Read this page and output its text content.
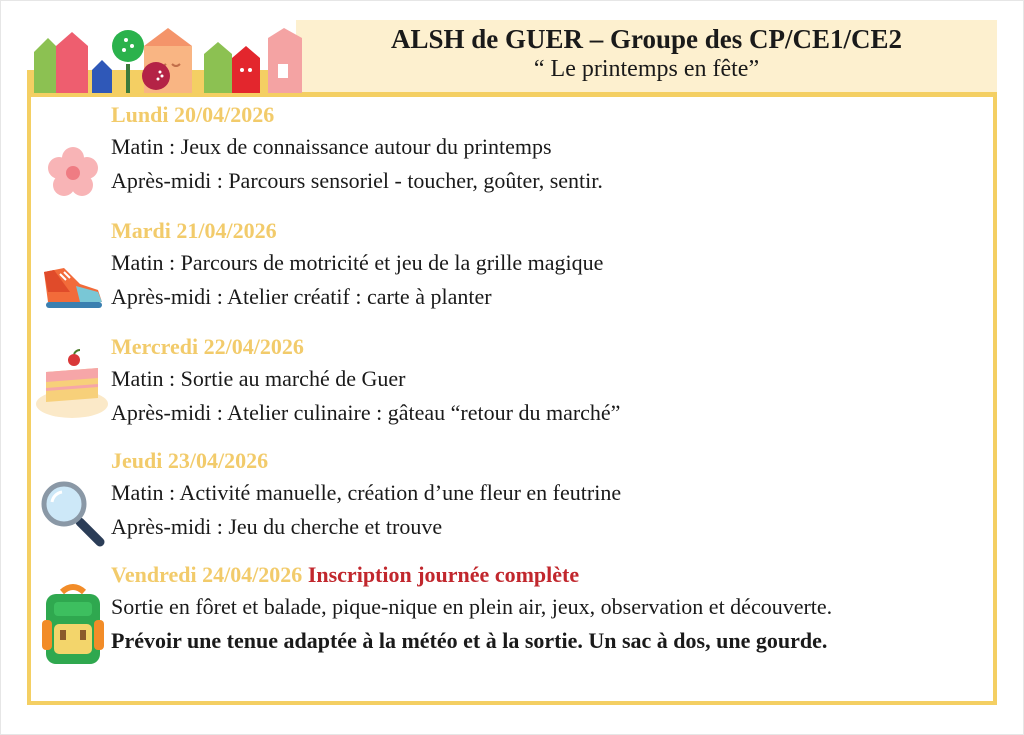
ALSH de GUER – Groupe des CP/CE1/CE2
“ Le printemps en fête”
Lundi 20/04/2026
Matin : Jeux de connaissance autour du printemps
Après-midi : Parcours sensoriel - toucher, goûter, sentir.
Mardi 21/04/2026
Matin : Parcours de motricité et jeu de la grille magique
Après-midi : Atelier créatif : carte à planter
Mercredi 22/04/2026
Matin : Sortie au marché de Guer
Après-midi : Atelier culinaire : gâteau “retour du marché”
Jeudi 23/04/2026
Matin : Activité manuelle, création d’une fleur en feutrine
Après-midi : Jeu du cherche et trouve
Vendredi 24/04/2026 Inscription journée complète
Sortie en fôret et balade, pique-nique en plein air, jeux, observation et découverte.
Prévoir une tenue adaptée à la météo et à la sortie. Un sac à dos, une gourde.
